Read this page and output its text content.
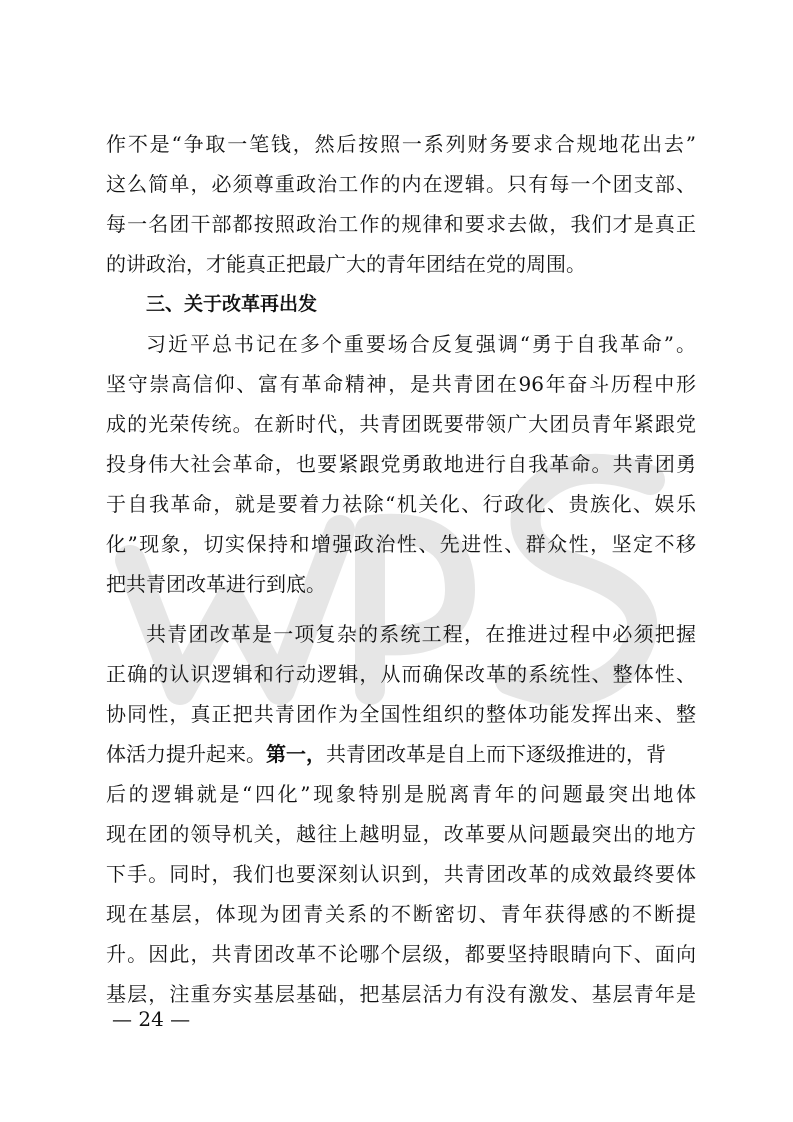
作不是“争取一笔钱，然后按照一系列财务要求合规地花出去”
这么简单，必须尊重政治工作的内在逻辑。只有每一个团支部、
每一名团干部都按照政治工作的规律和要求去做，我们才是真正
的讲政治，才能真正把最广大的青年团结在党的周围。
三、关于改革再出发
习近平总书记在多个重要场合反复强调“勇于自我革命”。
坚守崇高信仰、富有革命精神，是共青团在96年奋斗历程中形
成的光荣传统。在新时代，共青团既要带领广大团员青年紧跟党
投身伟大社会革命，也要紧跟党勇敢地进行自我革命。共青团勇
于自我革命，就是要着力祛除“机关化、行政化、贵族化、娱乐
化”现象，切实保持和增强政治性、先进性、群众性，坚定不移
把共青团改革进行到底。
共青团改革是一项复杂的系统工程，在推进过程中必须把握
正确的认识逻辑和行动逻辑，从而确保改革的系统性、整体性、
协同性，真正把共青团作为全国性组织的整体功能发挥出来、整
体活力提升起来。第一，共青团改革是自上而下逐级推进的，背
后的逻辑就是“四化”现象特别是脱离青年的问题最突出地体
现在团的领导机关，越往上越明显，改革要从问题最突出的地方
下手。同时，我们也要深刻认识到，共青团改革的成效最终要体
现在基层，体现为团青关系的不断密切、青年获得感的不断提
升。因此，共青团改革不论哪个层级，都要坚持眼睛向下、面向
基层，注重夯实基层基础，把基层活力有没有激发、基层青年是
— 24 —
